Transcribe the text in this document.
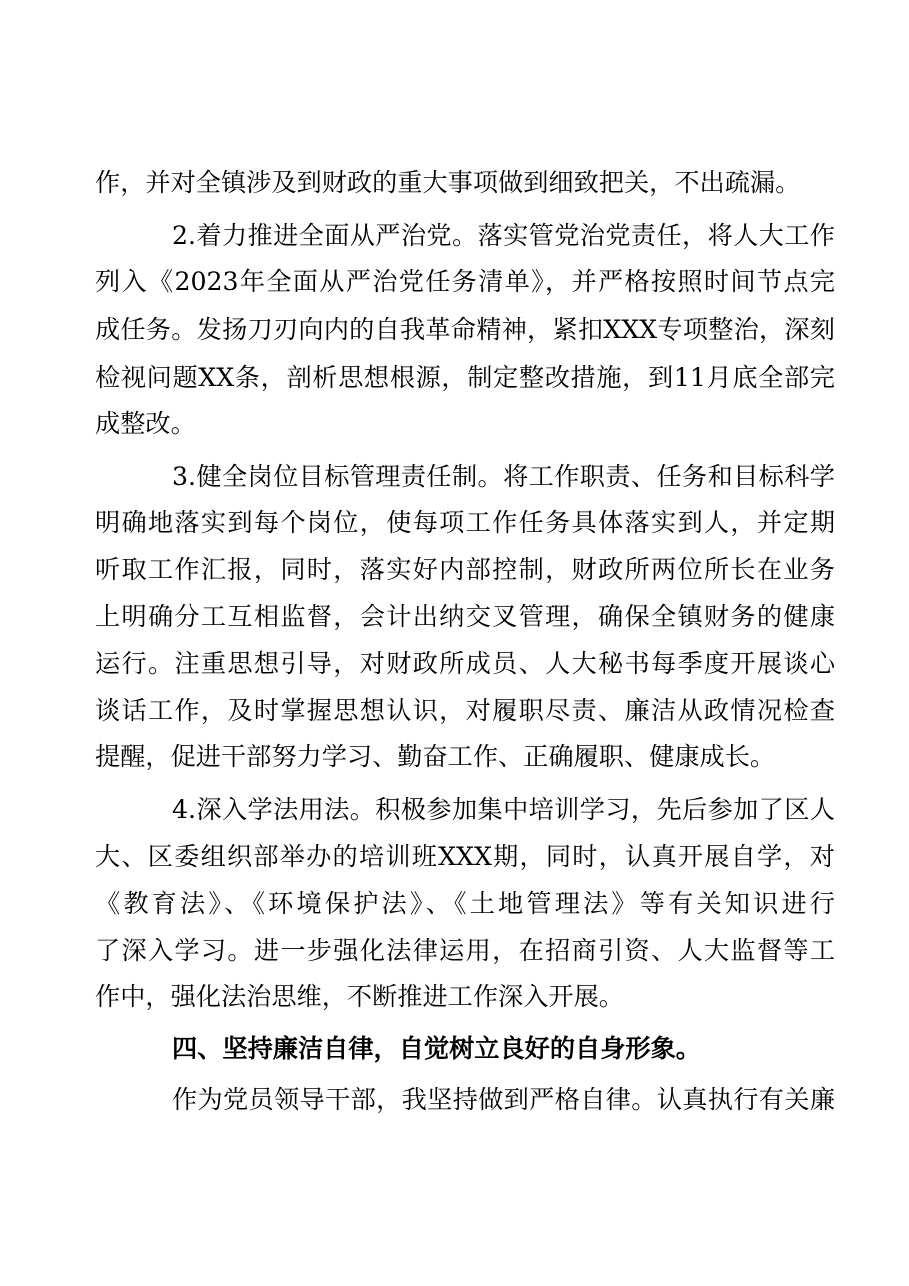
作，并对全镇涉及到财政的重大事项做到细致把关，不出疏漏。
2.着力推进全面从严治党。落实管党治党责任，将人大工作
列入《2023年全面从严治党任务清单》，并严格按照时间节点完
成任务。发扬刀刃向内的自我革命精神，紧扣XXX专项整治，深刻
检视问题XX条，剖析思想根源，制定整改措施，到11月底全部完
成整改。
3.健全岗位目标管理责任制。将工作职责、任务和目标科学
明确地落实到每个岗位，使每项工作任务具体落实到人，并定期
听取工作汇报，同时，落实好内部控制，财政所两位所长在业务
上明确分工互相监督，会计出纳交叉管理，确保全镇财务的健康
运行。注重思想引导，对财政所成员、人大秘书每季度开展谈心
谈话工作，及时掌握思想认识，对履职尽责、廉洁从政情况检查
提醒，促进干部努力学习、勤奋工作、正确履职、健康成长。
4.深入学法用法。积极参加集中培训学习，先后参加了区人
大、区委组织部举办的培训班XXX期，同时，认真开展自学，对
《教育法》、《环境保护法》、《土地管理法》等有关知识进行
了深入学习。进一步强化法律运用，在招商引资、人大监督等工
作中，强化法治思维，不断推进工作深入开展。
四、坚持廉洁自律，自觉树立良好的自身形象。
作为党员领导干部，我坚持做到严格自律。认真执行有关廉
